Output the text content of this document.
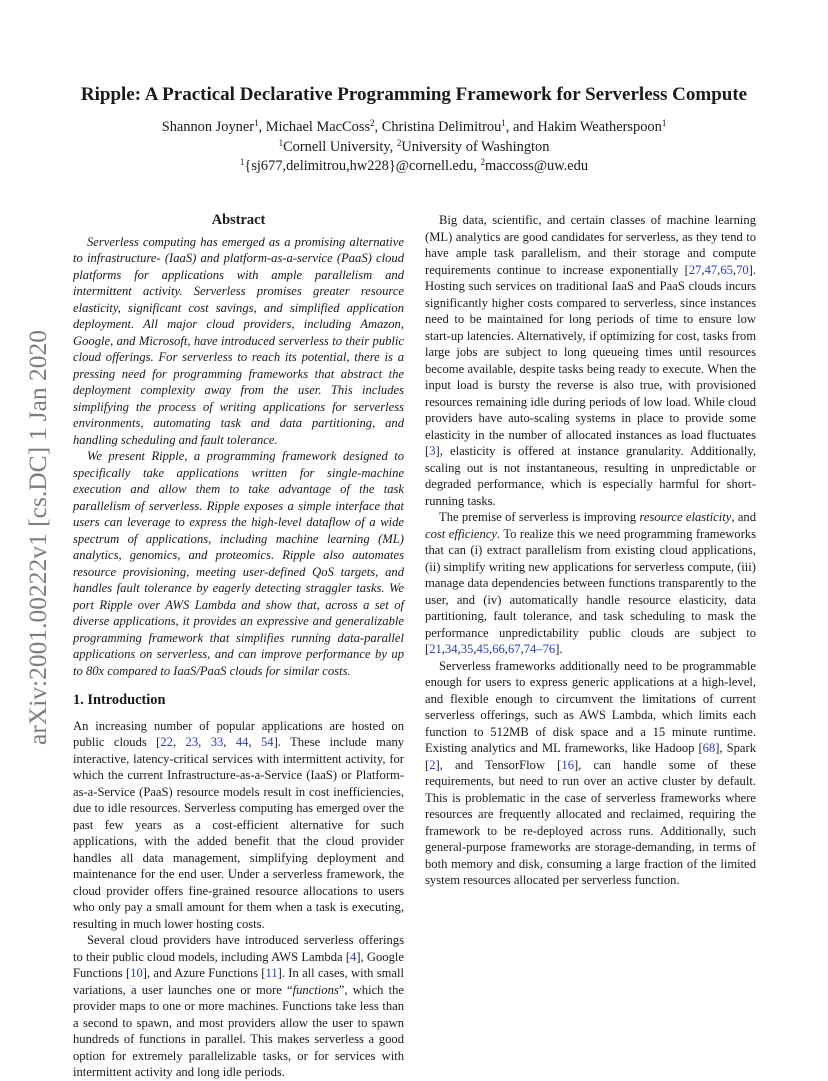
arXiv:2001.00222v1 [cs.DC] 1 Jan 2020
Ripple: A Practical Declarative Programming Framework for Serverless Compute
Shannon Joyner$^1$, Michael MacCoss$^2$, Christina Delimitrou$^1$, and Hakim Weatherspoon$^1$
$^1$Cornell University, $^2$University of Washington
$^1${sj677,delimitrou,hw228}@cornell.edu, $^2$maccoss@uw.edu
Abstract

Serverless computing has emerged as a promising alternative to infrastructure- (IaaS) and platform-as-a-service (PaaS) cloud platforms for applications with ample parallelism and intermittent activity. Serverless promises greater resource elasticity, significant cost savings, and simplified application deployment. All major cloud providers, including Amazon, Google, and Microsoft, have introduced serverless to their public cloud offerings. For serverless to reach its potential, there is a pressing need for programming frameworks that abstract the deployment complexity away from the user. This includes simplifying the process of writing applications for serverless environments, automating task and data partitioning, and handling scheduling and fault tolerance.

We present Ripple, a programming framework designed to specifically take applications written for single-machine execution and allow them to take advantage of the task parallelism of serverless. Ripple exposes a simple interface that users can leverage to express the high-level dataflow of a wide spectrum of applications, including machine learning (ML) analytics, genomics, and proteomics. Ripple also automates resource provisioning, meeting user-defined QoS targets, and handles fault tolerance by eagerly detecting straggler tasks. We port Ripple over AWS Lambda and show that, across a set of diverse applications, it provides an expressive and generalizable programming framework that simplifies running data-parallel applications on serverless, and can improve performance by up to 80x compared to IaaS/PaaS clouds for similar costs.

1. Introduction

An increasing number of popular applications are hosted on public clouds [22, 23, 33, 44, 54]. These include many interactive, latency-critical services with intermittent activity, for which the current Infrastructure-as-a-Service (IaaS) or Platform-as-a-Service (PaaS) resource models result in cost inefficiencies, due to idle resources. Serverless computing has emerged over the past few years as a cost-efficient alternative for such applications, with the added benefit that the cloud provider handles all data management, simplifying deployment and maintenance for the end user. Under a serverless framework, the cloud provider offers fine-grained resource allocations to users who only pay a small amount for them when a task is executing, resulting in much lower hosting costs.

Several cloud providers have introduced serverless offerings to their public cloud models, including AWS Lambda [4], Google Functions [10], and Azure Functions [11]. In all cases, with small variations, a user launches one or more “functions”, which the provider maps to one or more machines. Functions take less than a second to spawn, and most providers allow the user to spawn hundreds of functions in parallel. This makes serverless a good option for extremely parallelizable tasks, or for services with intermittent activity and long idle periods.

Big data, scientific, and certain classes of machine learning (ML) analytics are good candidates for serverless, as they tend to have ample task parallelism, and their storage and compute requirements continue to increase exponentially [27,47,65,70]. Hosting such services on traditional IaaS and PaaS clouds incurs significantly higher costs compared to serverless, since instances need to be maintained for long periods of time to ensure low start-up latencies. Alternatively, if optimizing for cost, tasks from large jobs are subject to long queueing times until resources become available, despite tasks being ready to execute. When the input load is bursty the reverse is also true, with provisioned resources remaining idle during periods of low load. While cloud providers have auto-scaling systems in place to provide some elasticity in the number of allocated instances as load fluctuates [3], elasticity is offered at instance granularity. Additionally, scaling out is not instantaneous, resulting in unpredictable or degraded performance, which is especially harmful for short-running tasks.

The premise of serverless is improving resource elasticity, and cost efficiency. To realize this we need programming frameworks that can (i) extract parallelism from existing cloud applications, (ii) simplify writing new applications for serverless compute, (iii) manage data dependencies between functions transparently to the user, and (iv) automatically handle resource elasticity, data partitioning, fault tolerance, and task scheduling to mask the performance unpredictability public clouds are subject to [21,34,35,45,66,67,74–76].

Serverless frameworks additionally need to be programmable enough for users to express generic applications at a high-level, and flexible enough to circumvent the limitations of current serverless offerings, such as AWS Lambda, which limits each function to 512MB of disk space and a 15 minute runtime. Existing analytics and ML frameworks, like Hadoop [68], Spark [2], and TensorFlow [16], can handle some of these requirements, but need to run over an active cluster by default. This is problematic in the case of serverless frameworks where resources are frequently allocated and reclaimed, requiring the framework to be re-deployed across runs. Additionally, such general-purpose frameworks are storage-demanding, in terms of both memory and disk, consuming a large fraction of the limited system resources allocated per serverless function.
